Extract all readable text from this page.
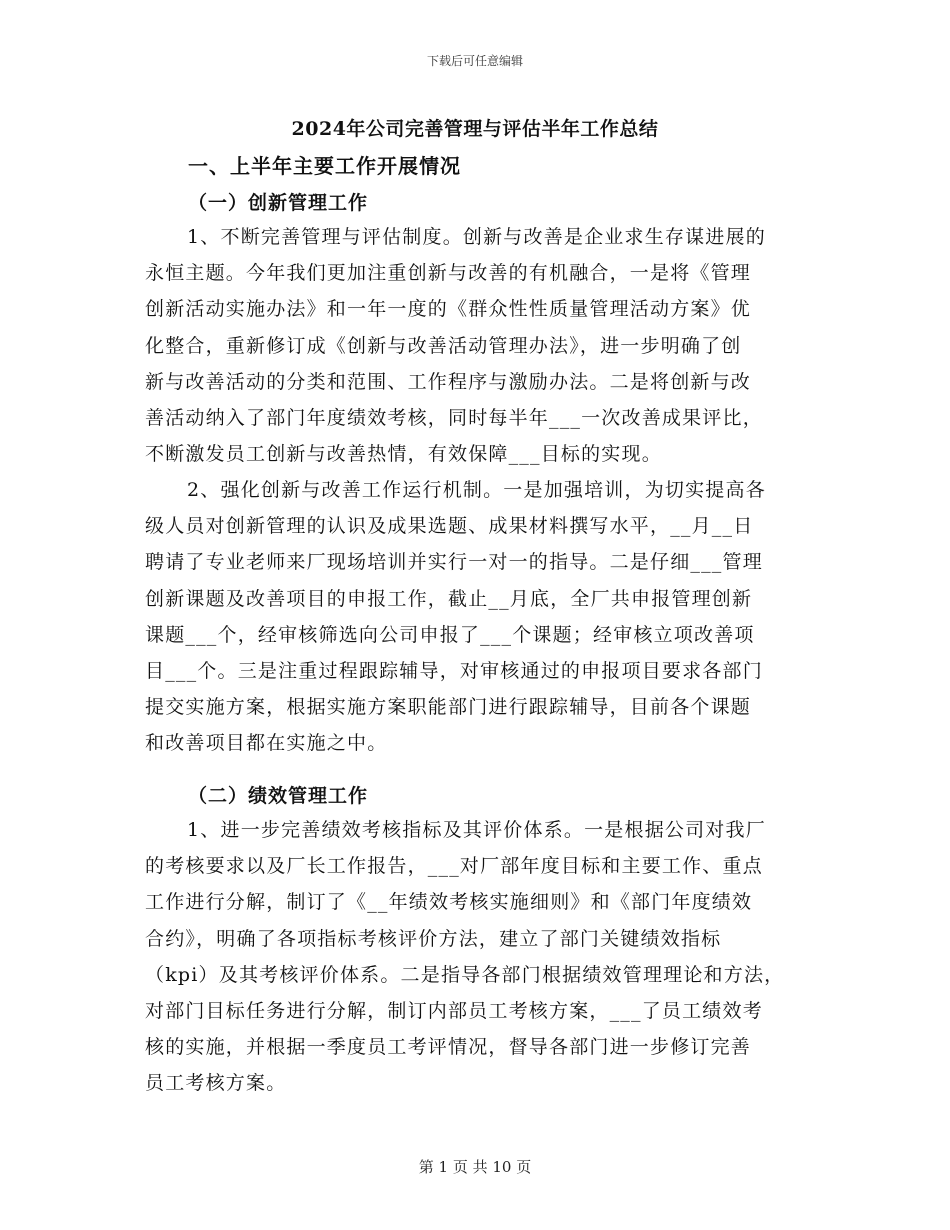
下载后可任意编辑
2024年公司完善管理与评估半年工作总结
一、上半年主要工作开展情况
（一）创新管理工作
1、不断完善管理与评估制度。创新与改善是企业求生存谋进展的
永恒主题。今年我们更加注重创新与改善的有机融合，一是将《管理
创新活动实施办法》和一年一度的《群众性性质量管理活动方案》优
化整合，重新修订成《创新与改善活动管理办法》，进一步明确了创
新与改善活动的分类和范围、工作程序与激励办法。二是将创新与改
善活动纳入了部门年度绩效考核，同时每半年___一次改善成果评比，
不断激发员工创新与改善热情，有效保障___目标的实现。
2、强化创新与改善工作运行机制。一是加强培训，为切实提高各
级人员对创新管理的认识及成果选题、成果材料撰写水平，__月__日
聘请了专业老师来厂现场培训并实行一对一的指导。二是仔细___管理
创新课题及改善项目的申报工作，截止__月底，全厂共申报管理创新
课题___个，经审核筛选向公司申报了___个课题；经审核立项改善项
目___个。三是注重过程跟踪辅导，对审核通过的申报项目要求各部门
提交实施方案，根据实施方案职能部门进行跟踪辅导，目前各个课题
和改善项目都在实施之中。
（二）绩效管理工作
1、进一步完善绩效考核指标及其评价体系。一是根据公司对我厂
的考核要求以及厂长工作报告，___对厂部年度目标和主要工作、重点
工作进行分解，制订了《__年绩效考核实施细则》和《部门年度绩效
合约》，明确了各项指标考核评价方法，建立了部门关键绩效指标
（kpi）及其考核评价体系。二是指导各部门根据绩效管理理论和方法，
对部门目标任务进行分解，制订内部员工考核方案，___了员工绩效考
核的实施，并根据一季度员工考评情况，督导各部门进一步修订完善
员工考核方案。
第 1 页 共 10 页
